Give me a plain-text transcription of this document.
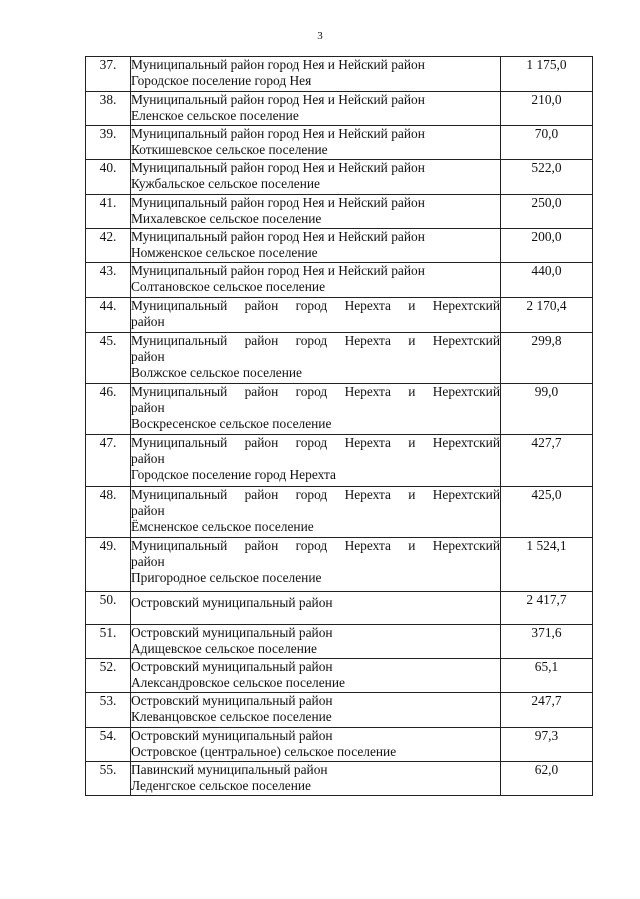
3
37.	Муниципальный район город Нея и Нейский район
Городское поселение город Нея	1 175,0
38.	Муниципальный район город Нея и Нейский район
Еленское сельское поселение	210,0
39.	Муниципальный район город Нея и Нейский район
Коткишевское сельское поселение	70,0
40.	Муниципальный район город Нея и Нейский район
Кужбальское сельское поселение	522,0
41.	Муниципальный район город Нея и Нейский район
Михалевское сельское поселение	250,0
42.	Муниципальный район город Нея и Нейский район
Номженское сельское поселение	200,0
43.	Муниципальный район город Нея и Нейский район
Солтановское сельское поселение	440,0
44.	Муниципальный район город Нерехта и Нерехтский
район	2 170,4
45.	Муниципальный район город Нерехта и Нерехтский
район
Волжское сельское поселение	299,8
46.	Муниципальный район город Нерехта и Нерехтский
район
Воскресенское сельское поселение	99,0
47.	Муниципальный район город Нерехта и Нерехтский
район
Городское поселение город Нерехта	427,7
48.	Муниципальный район город Нерехта и Нерехтский
район
Ёмсненское сельское поселение	425,0
49.	Муниципальный район город Нерехта и Нерехтский
район
Пригородное сельское поселение	1 524,1
50.	Островский муниципальный район	2 417,7
51.	Островский муниципальный район
Адищевское сельское поселение	371,6
52.	Островский муниципальный район
Александровское сельское поселение	65,1
53.	Островский муниципальный район
Клеванцовское сельское поселение	247,7
54.	Островский муниципальный район
Островское (центральное) сельское поселение	97,3
55.	Павинский муниципальный район
Леденгское сельское поселение	62,0
